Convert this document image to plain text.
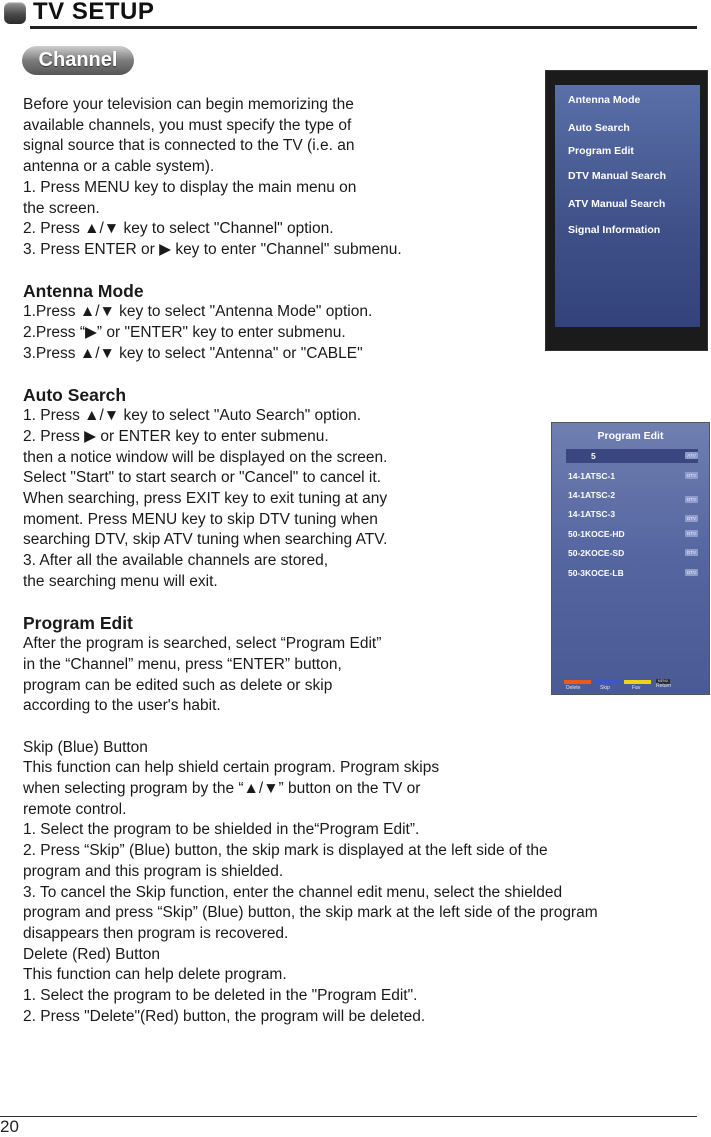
TV SETUP
Channel

Before your television can begin memorizing the

available channels, you must specify the type of

signal source that is connected to the TV (i.e. an

antenna or a cable system).

1. Press MENU key to display the main menu on

the screen.

2. Press ▲/▼ key to select "Channel" option.

3. Press ENTER or ▶ key to enter "Channel" submenu.

Antenna Mode

1.Press ▲/▼ key to select "Antenna Mode" option.

2.Press “▶” or "ENTER" key to enter submenu.

3.Press ▲/▼ key to select "Antenna" or "CABLE"

Auto Search

1. Press ▲/▼ key to select "Auto Search" option.

2. Press ▶ or ENTER key to enter submenu.

then a notice window will be displayed on the screen.

Select "Start" to start search or "Cancel" to cancel it.

When searching, press EXIT key to exit tuning at any

moment. Press MENU key to skip DTV tuning when

searching DTV, skip ATV tuning when searching ATV.

3. After all the available channels are stored,

the searching menu will exit.

Program Edit

After the program is searched, select “Program Edit”

in the “Channel” menu, press “ENTER” button,

program can be edited such as delete or skip

according to the user's habit.

Skip (Blue) Button

This function can help shield certain program. Program skips

when selecting program by the “▲/▼” button on the TV or

remote control.

1. Select the program to be shielded in the“Program Edit”.

2. Press “Skip” (Blue) button, the skip mark is displayed at the left side of the

program and this program is shielded.

3. To cancel the Skip function, enter the channel edit menu, select the shielded

program and press “Skip” (Blue) button, the skip mark at the left side of the program

disappears then program is recovered.

Delete (Red) Button

This function can help delete program.

1. Select the program to be deleted in the "Program Edit".

2. Press "Delete"(Red) button, the program will be deleted.

Antenna Mode
Auto Search
Program Edit
DTV Manual Search
ATV Manual Search
Signal Information
Program Edit
5	ATV
14-1ATSC-1	DTV
14-1ATSC-2	DTV
14-1ATSC-3	DTV
50-1KOCE-HD	DTV
50-2KOCE-SD	DTV
50-3KOCE-LB	DTV
Delete	Skip	Fav
MENU
Return
20
